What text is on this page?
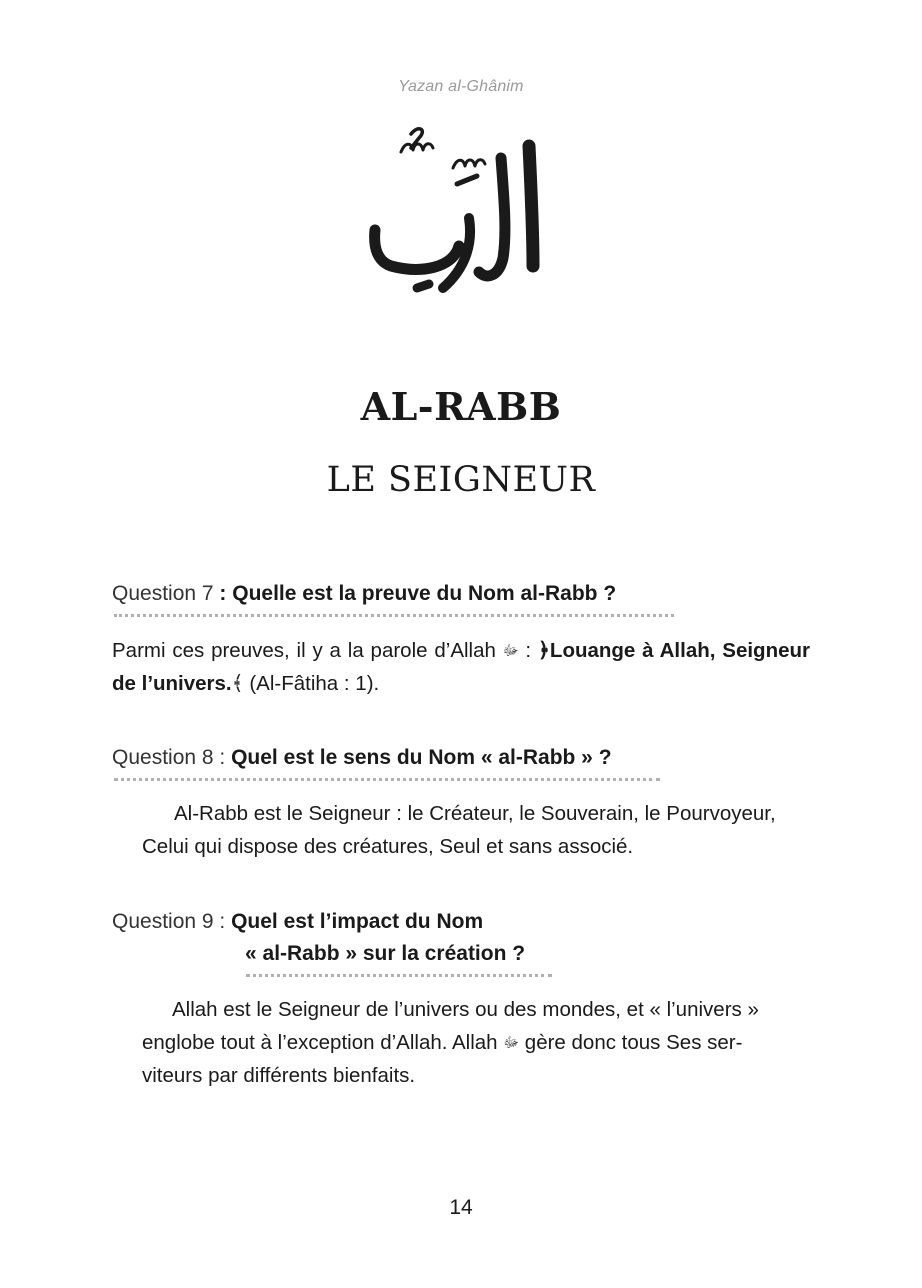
Yazan al-Ghânim
AL-RABB
LE SEIGNEUR
Question 7 : Quelle est la preuve du Nom al-Rabb ?
Parmi ces preuves, il y a la parole d’Allah ﷻ : ﴿Louange à Allah, Seigneur de l’univers.﴾ (Al-Fâtiha : 1).
Question 8 : Quel est le sens du Nom « al-Rabb » ?
Al-Rabb est le Seigneur : le Créateur, le Souverain, le Pourvoyeur,
Celui qui dispose des créatures, Seul et sans associé.
Question 9 : Quel est l’impact du Nom
« al-Rabb » sur la création ?
Allah est le Seigneur de l’univers ou des mondes, et « l’univers »
englobe tout à l’exception d’Allah. Allah ﷻ gère donc tous Ses ser-
viteurs par différents bienfaits.
14
